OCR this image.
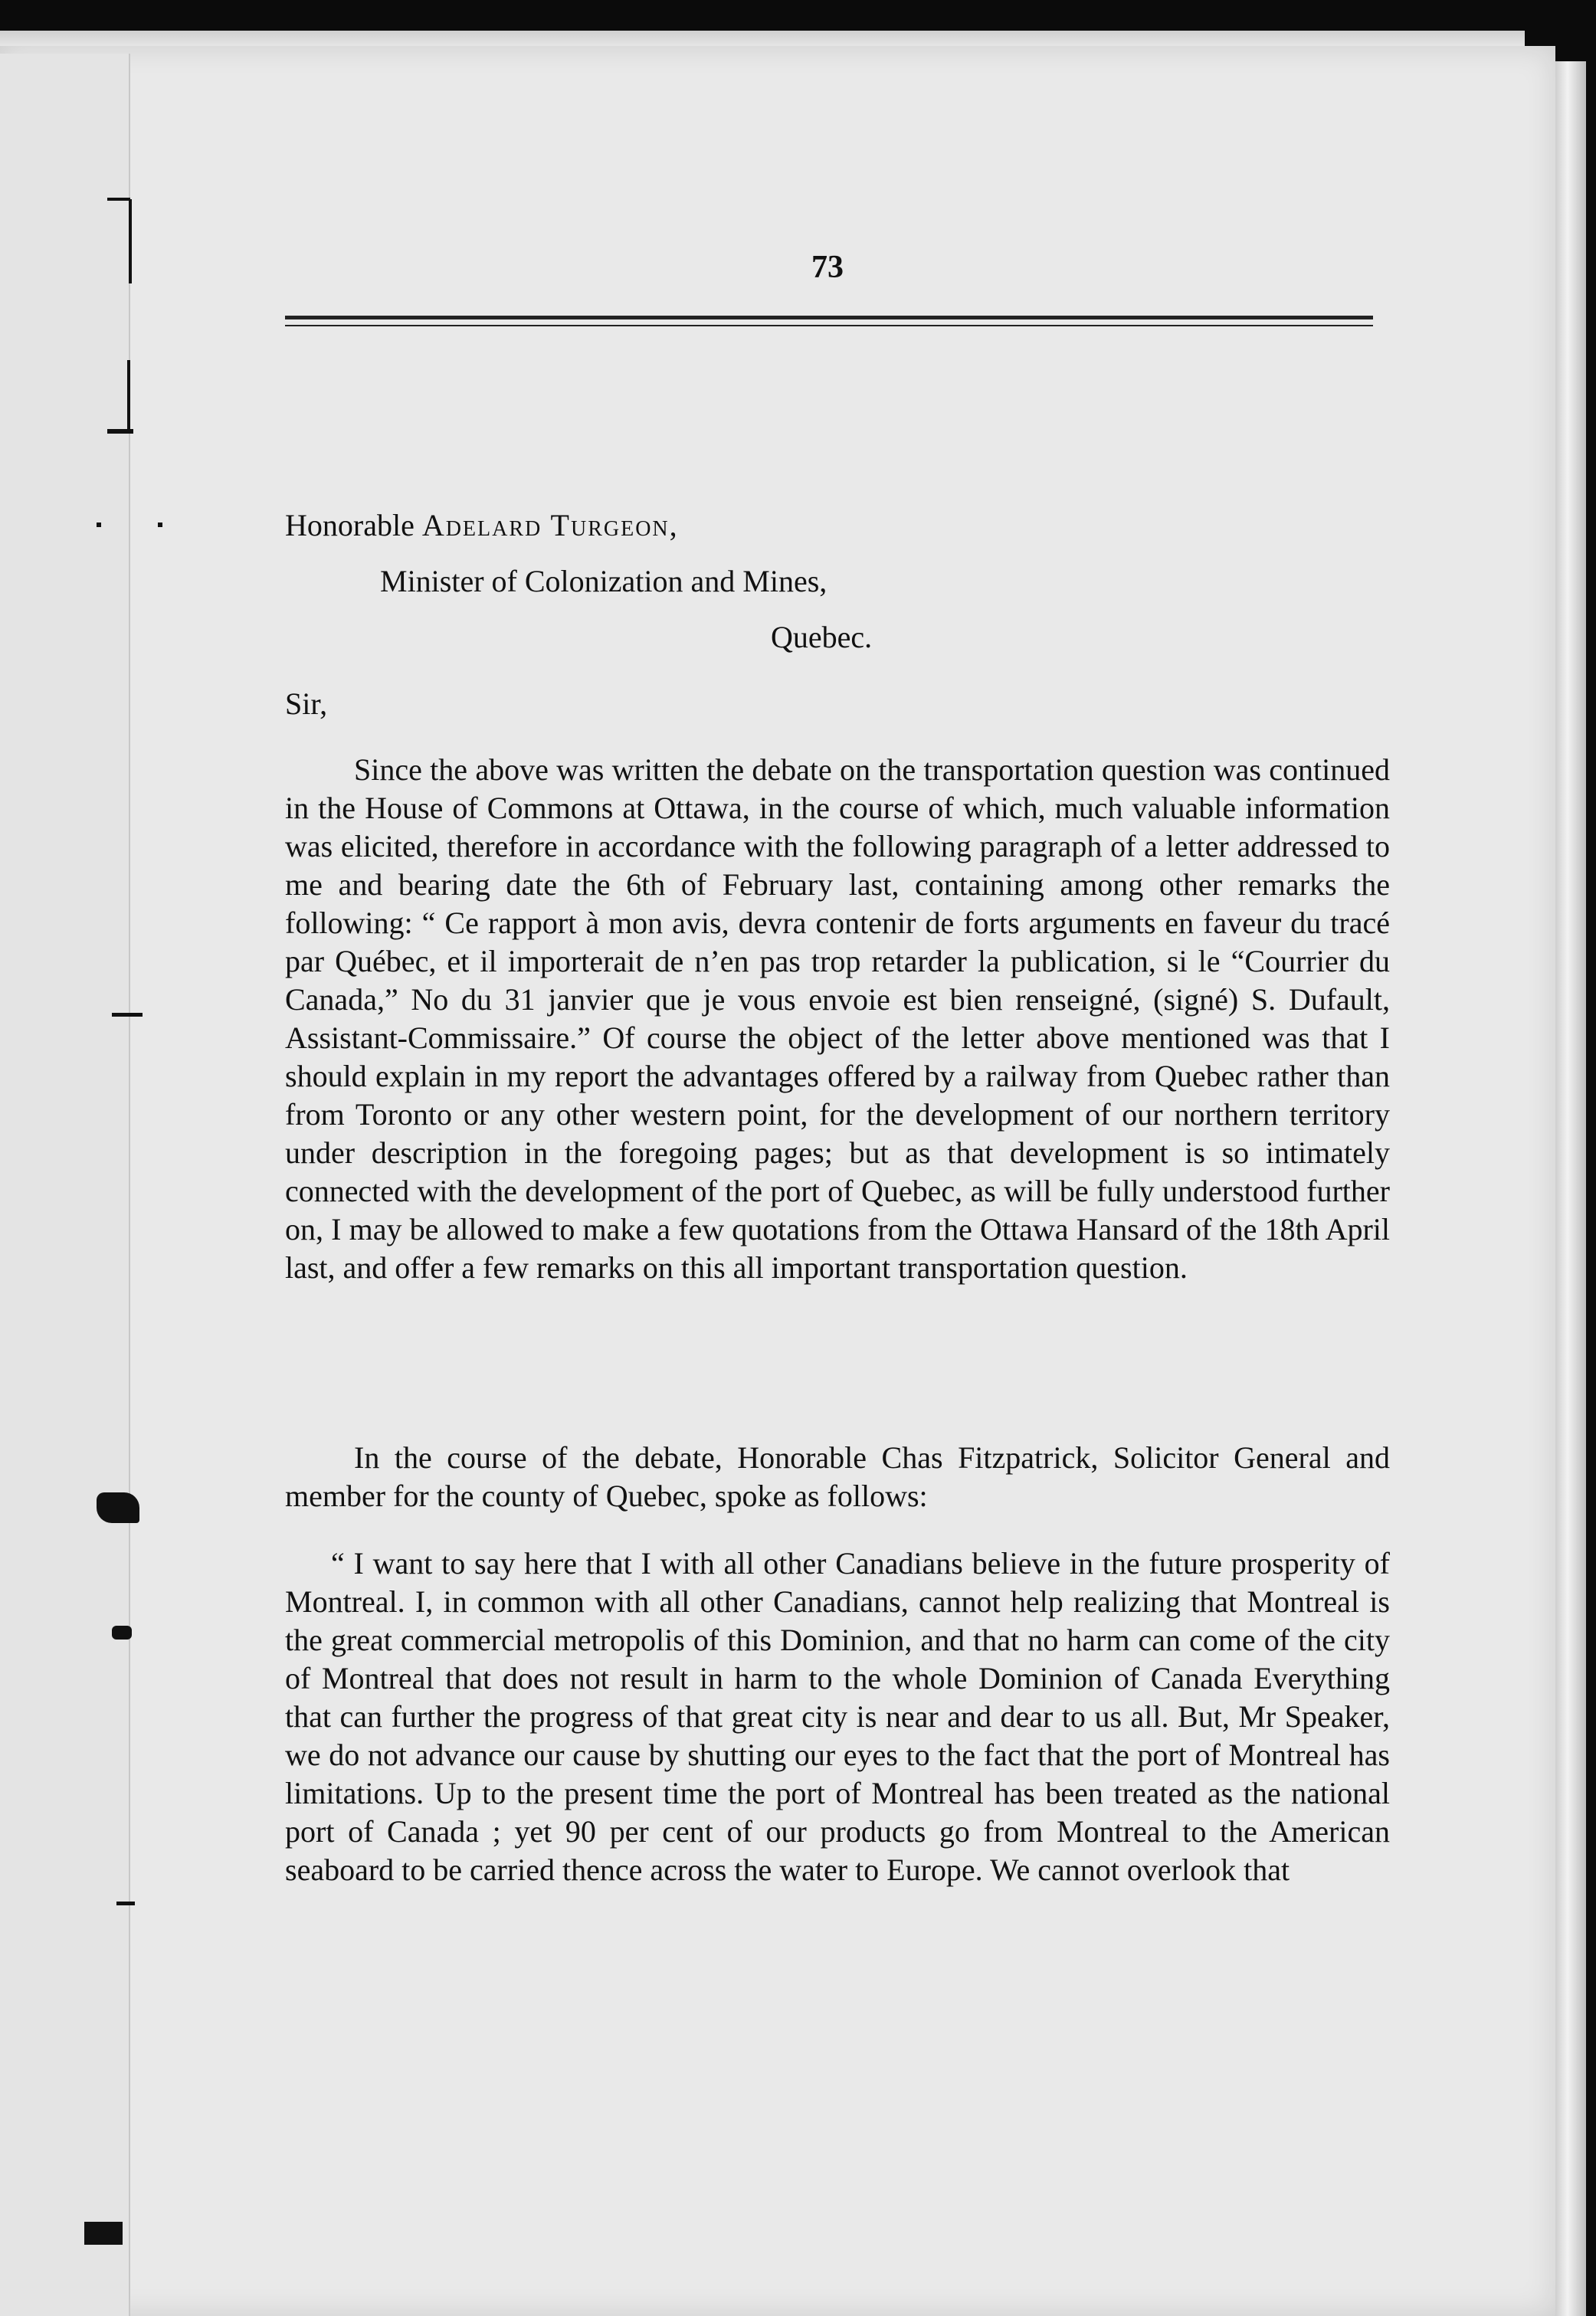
73
Honorable Adelard Turgeon,
Minister of Colonization and Mines,
Quebec.
Sir,

Since the above was written the debate on the transportation question was continued in the House of Commons at Ottawa, in the course of which, much valuable information was elicited, therefore in accordance with the following paragraph of a letter addressed to me and bearing date the 6th of February last, containing among other remarks the following: “ Ce rapport à mon avis, devra contenir de forts arguments en faveur du tracé par Québec, et il importerait de n’en pas trop retarder la publication, si le “Courrier du Canada,” No du 31 janvier que je vous envoie est bien renseigné, (signé) S. Dufault, Assistant-Commissaire.” Of course the object of the letter above mentioned was that I should explain in my report the advantages offered by a railway from Quebec rather than from Toronto or any other western point, for the development of our northern territory under description in the foregoing pages; but as that development is so intimately connected with the development of the port of Quebec, as will be fully understood further on, I may be allowed to make a few quotations from the Ottawa Hansard of the 18th April last, and offer a few remarks on this all important transportation question.

In the course of the debate, Honorable Chas Fitzpatrick, Solicitor General and member for the county of Quebec, spoke as follows:

“ I want to say here that I with all other Canadians believe in the future prosperity of Montreal. I, in common with all other Canadians, cannot help realizing that Montreal is the great commercial metropolis of this Dominion, and that no harm can come of the city of Montreal that does not result in harm to the whole Dominion of Canada Everything that can further the progress of that great city is near and dear to us all. But, Mr Speaker, we do not advance our cause by shutting our eyes to the fact that the port of Montreal has limitations. Up to the present time the port of Montreal has been treated as the national port of Canada ; yet 90 per cent of our products go from Montreal to the American seaboard to be carried thence across the water to Europe. We cannot overlook that
